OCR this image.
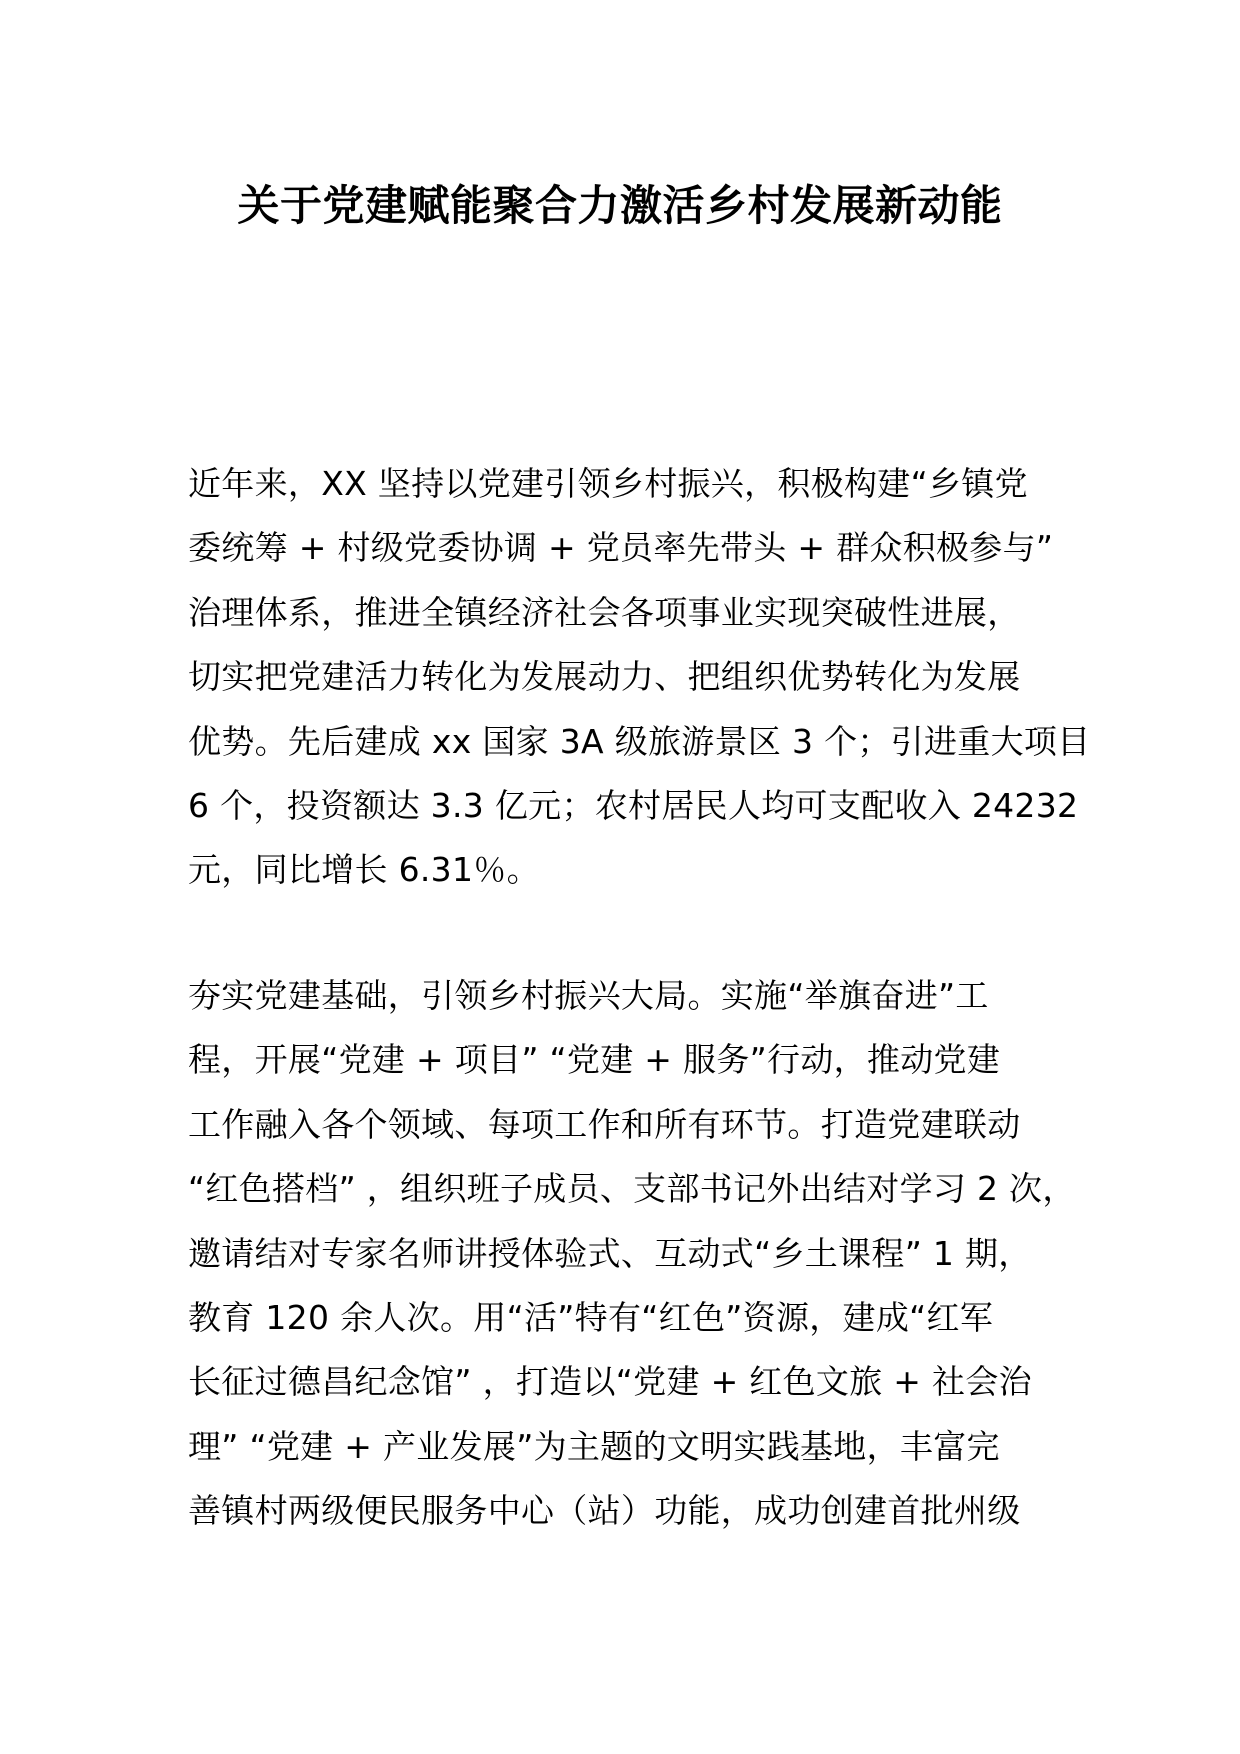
关于党建赋能聚合力激活乡村发展新动能
近年来，XX 坚持以党建引领乡村振兴，积极构建“乡镇党
委统筹 + 村级党委协调 + 党员率先带头 + 群众积极参与”
治理体系，推进全镇经济社会各项事业实现突破性进展，
切实把党建活力转化为发展动力、把组织优势转化为发展
优势。先后建成 xx 国家 3A 级旅游景区 3 个；引进重大项目
6 个，投资额达 3.3 亿元；农村居民人均可支配收入 24232
元，同比增长 6.31％。
夯实党建基础，引领乡村振兴大局。实施“举旗奋进”工
程，开展“党建 + 项目” “党建 + 服务”行动，推动党建
工作融入各个领域、每项工作和所有环节。打造党建联动
“红色搭档” ，组织班子成员、支部书记外出结对学习 2 次，
邀请结对专家名师讲授体验式、互动式“乡土课程” 1 期，
教育 120 余人次。用“活”特有“红色”资源，建成“红军
长征过德昌纪念馆” ，打造以“党建 + 红色文旅 + 社会治
理” “党建 + 产业发展”为主题的文明实践基地，丰富完
善镇村两级便民服务中心（站）功能，成功创建首批州级
